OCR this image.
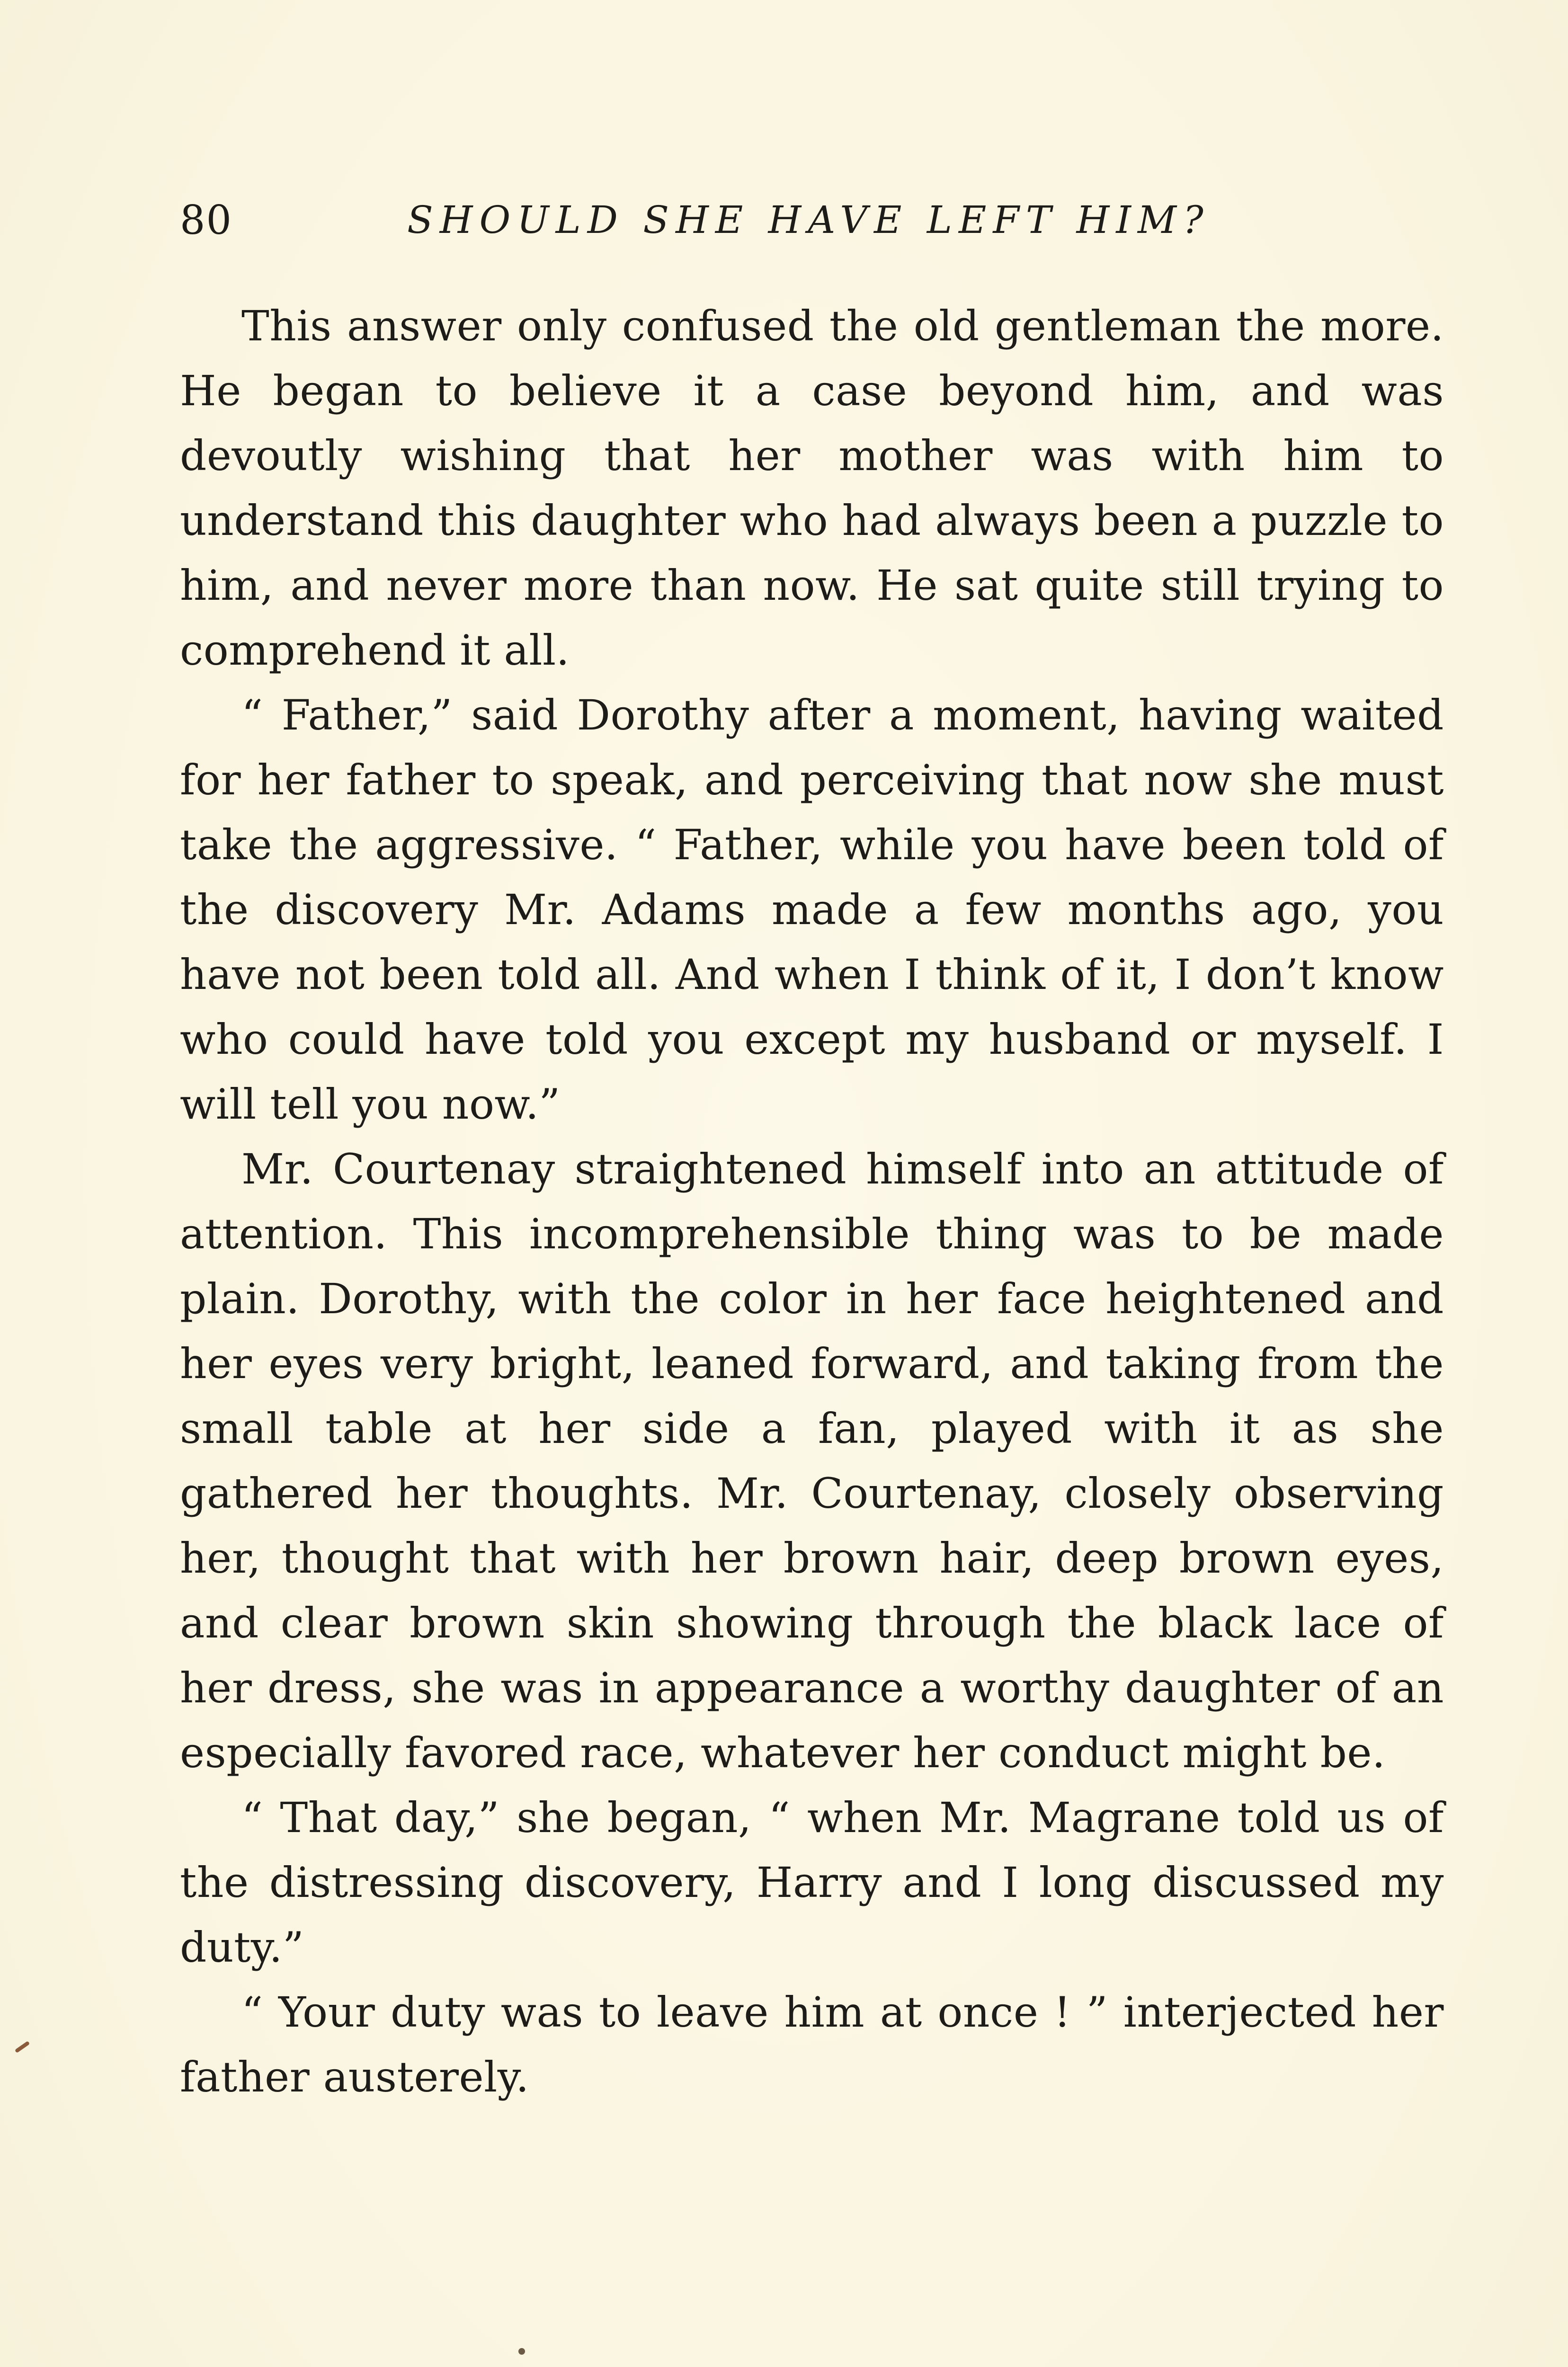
80	SHOULD SHE HAVE LEFT HIM?

This answer only confused the old gentleman the more. He began to believe it a case beyond him, and was devoutly wishing that her mother was with him to understand this daughter who had always been a puzzle to him, and never more than now. He sat quite still trying to comprehend it all.

“ Father,” said Dorothy after a moment, having waited for her father to speak, and perceiving that now she must take the aggressive. “ Father, while you have been told of the discovery Mr. Adams made a few months ago, you have not been told all. And when I think of it, I don’t know who could have told you except my husband or myself. I will tell you now.”

Mr. Courtenay straightened himself into an attitude of attention. This incomprehensible thing was to be made plain. Dorothy, with the color in her face heightened and her eyes very bright, leaned forward, and taking from the small table at her side a fan, played with it as she gathered her thoughts. Mr. Courtenay, closely observing her, thought that with her brown hair, deep brown eyes, and clear brown skin showing through the black lace of her dress, she was in appearance a worthy daughter of an especially favored race, whatever her conduct might be.

“ That day,” she began, “ when Mr. Magrane told us of the distressing discovery, Harry and I long discussed my duty.”

“ Your duty was to leave him at once ! ” interjected her father austerely.
